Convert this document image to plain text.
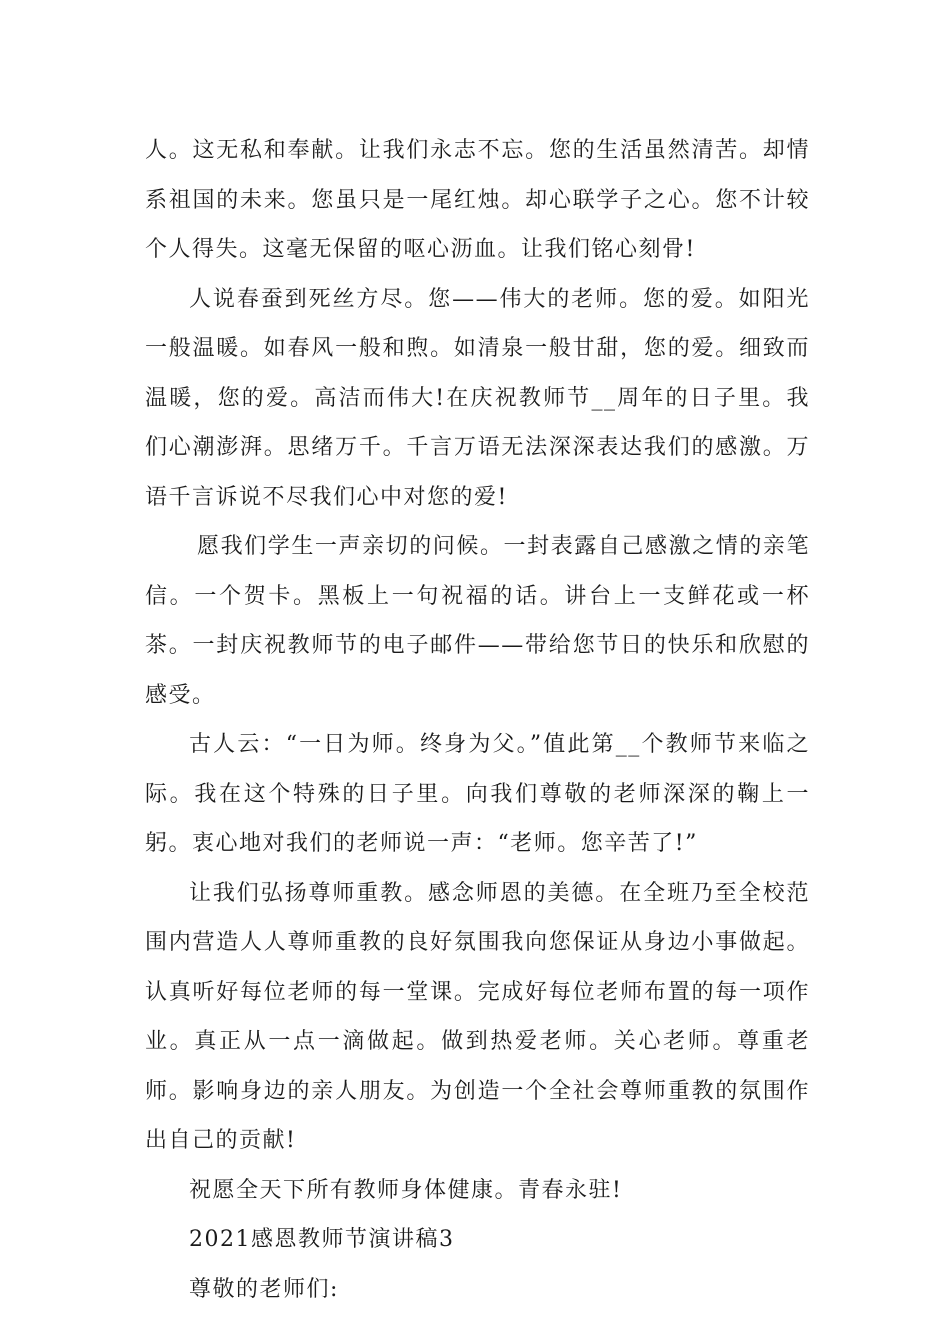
人。这无私和奉献。让我们永志不忘。您的生活虽然清苦。却情系祖国的未来。您虽只是一尾红烛。却心联学子之心。您不计较个人得失。这毫无保留的呕心沥血。让我们铭心刻骨!

人说春蚕到死丝方尽。您——伟大的老师。您的爱。如阳光一般温暖。如春风一般和煦。如清泉一般甘甜，您的爱。细致而温暖，您的爱。高洁而伟大!在庆祝教师节__周年的日子里。我们心潮澎湃。思绪万千。千言万语无法深深表达我们的感激。万语千言诉说不尽我们心中对您的爱!

愿我们学生一声亲切的问候。一封表露自己感激之情的亲笔信。一个贺卡。黑板上一句祝福的话。讲台上一支鲜花或一杯茶。一封庆祝教师节的电子邮件——带给您节日的快乐和欣慰的感受。

古人云：“一日为师。终身为父。”值此第__个教师节来临之际。我在这个特殊的日子里。向我们尊敬的老师深深的鞠上一躬。衷心地对我们的老师说一声：“老师。您辛苦了!”

让我们弘扬尊师重教。感念师恩的美德。在全班乃至全校范围内营造人人尊师重教的良好氛围我向您保证从身边小事做起。认真听好每位老师的每一堂课。完成好每位老师布置的每一项作业。真正从一点一滴做起。做到热爱老师。关心老师。尊重老师。影响身边的亲人朋友。为创造一个全社会尊师重教的氛围作出自己的贡献!

祝愿全天下所有教师身体健康。青春永驻!

2021感恩教师节演讲稿3

尊敬的老师们:
